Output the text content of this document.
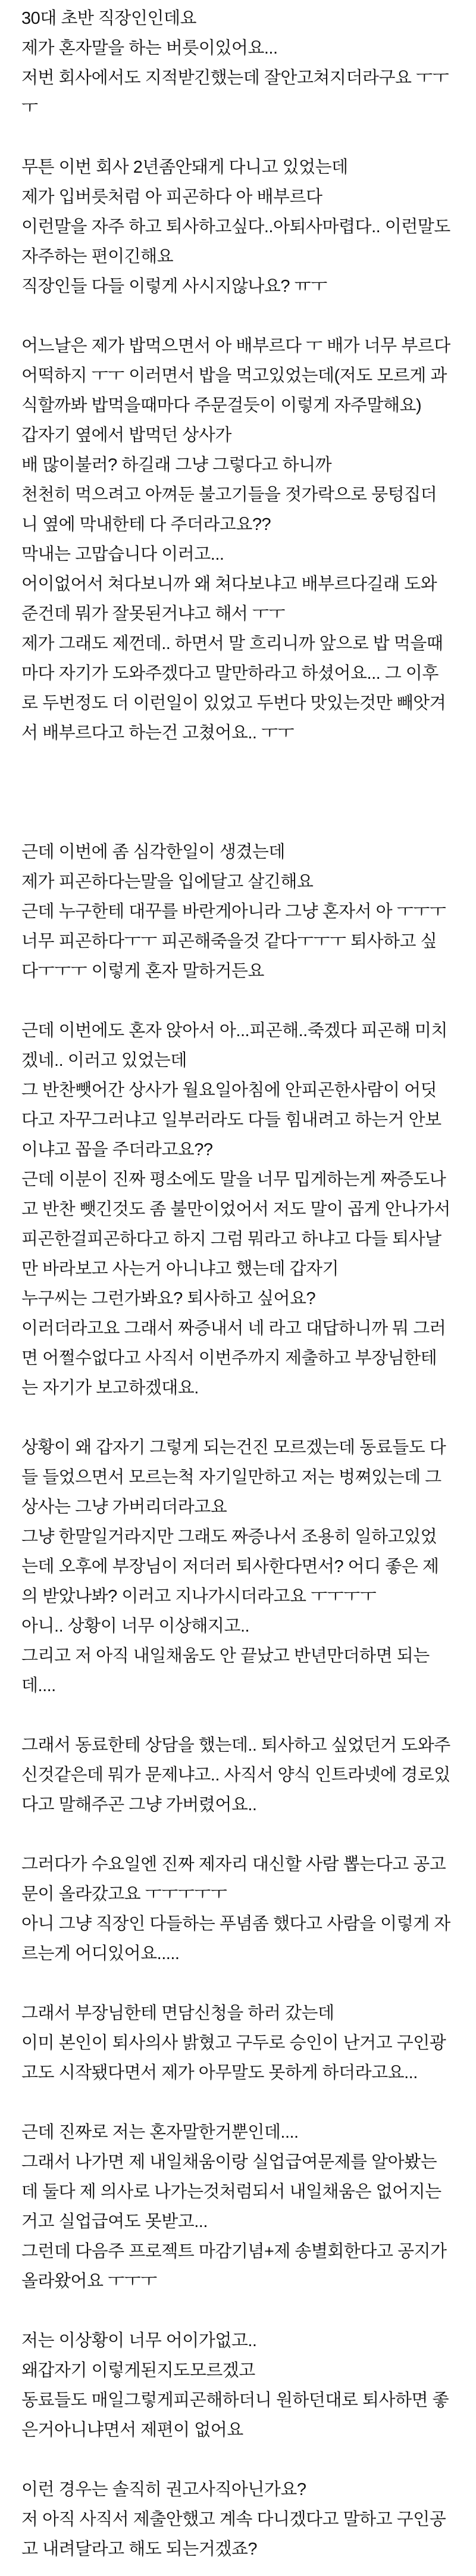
30대 초반 직장인인데요

제가 혼자말을 하는 버릇이있어요...

저번 회사에서도 지적받긴했는데 잘안고쳐지더라구요 ㅜㅜㅜ

무튼 이번 회사 2년좀안돼게 다니고 있었는데

제가 입버릇처럼 아 피곤하다 아 배부르다

이런말을 자주 하고 퇴사하고싶다..아퇴사마렵다.. 이런말도 자주하는 편이긴해요

직장인들 다들 이렇게 사시지않나요? ㅠㅜ

어느날은 제가 밥먹으면서 아 배부르다 ㅜ 배가 너무 부르다 어떡하지 ㅜㅜ 이러면서 밥을 먹고있었는데(저도 모르게 과식할까봐 밥먹을때마다 주문걸듯이 이렇게 자주말해요)

갑자기 옆에서 밥먹던 상사가

배 많이불러? 하길래 그냥 그렇다고 하니까

천천히 먹으려고 아껴둔 불고기들을 젓가락으로 뭉텅집더니 옆에 막내한테 다 주더라고요??

막내는 고맙습니다 이러고...

어이없어서 쳐다보니까 왜 쳐다보냐고 배부르다길래 도와준건데 뭐가 잘못된거냐고 해서 ㅜㅜ

제가 그래도 제껀데.. 하면서 말 흐리니까 앞으로 밥 먹을때마다 자기가 도와주겠다고 말만하라고 하셨어요... 그 이후로 두번정도 더 이런일이 있었고 두번다 맛있는것만 빼앗겨서 배부르다고 하는건 고쳤어요.. ㅜㅜ

근데 이번에 좀 심각한일이 생겼는데

제가 피곤하다는말을 입에달고 살긴해요

근데 누구한테 대꾸를 바란게아니라 그냥 혼자서 아 ㅜㅜㅜ 너무 피곤하다ㅜㅜ 피곤해죽을것 같다ㅜㅜㅜ 퇴사하고 싶다ㅜㅜㅜ 이렇게 혼자 말하거든요

근데 이번에도 혼자 앉아서 아...피곤해..죽겠다 피곤해 미치겠네.. 이러고 있었는데

그 반찬뺏어간 상사가 월요일아침에 안피곤한사람이 어딧다고 자꾸그러냐고 일부러라도 다들 힘내려고 하는거 안보이냐고 꼽을 주더라고요??

근데 이분이 진짜 평소에도 말을 너무 밉게하는게 짜증도나고 반찬 뺏긴것도 좀 불만이었어서 저도 말이 곱게 안나가서 피곤한걸피곤하다고 하지 그럼 뭐라고 하냐고 다들 퇴사날만 바라보고 사는거 아니냐고 했는데 갑자기

누구씨는 그런가봐요? 퇴사하고 싶어요?

이러더라고요 그래서 짜증내서 네 라고 대답하니까 뭐 그러면 어쩔수없다고 사직서 이번주까지 제출하고 부장님한테는 자기가 보고하겠대요.

상황이 왜 갑자기 그렇게 되는건진 모르겠는데 동료들도 다들 들었으면서 모르는척 자기일만하고 저는 벙쪄있는데 그 상사는 그냥 가버리더라고요

그냥 한말일거라지만 그래도 짜증나서 조용히 일하고있었는데 오후에 부장님이 저더러 퇴사한다면서? 어디 좋은 제의 받았나봐? 이러고 지나가시더라고요 ㅜㅜㅜㅜ

아니.. 상황이 너무 이상해지고..

그리고 저 아직 내일채움도 안 끝났고 반년만더하면 되는데....

그래서 동료한테 상담을 했는데.. 퇴사하고 싶었던거 도와주신것같은데 뭐가 문제냐고.. 사직서 양식 인트라넷에 경로있다고 말해주곤 그냥 가버렸어요..

그러다가 수요일엔 진짜 제자리 대신할 사람 뽑는다고 공고문이 올라갔고요 ㅜㅜㅜㅜㅜ

아니 그냥 직장인 다들하는 푸념좀 했다고 사람을 이렇게 자르는게 어디있어요.....

그래서 부장님한테 면담신청을 하러 갔는데

이미 본인이 퇴사의사 밝혔고 구두로 승인이 난거고 구인광고도 시작됐다면서 제가 아무말도 못하게 하더라고요...

근데 진짜로 저는 혼자말한거뿐인데....

그래서 나가면 제 내일채움이랑 실업급여문제를 알아봤는데 둘다 제 의사로 나가는것처럼되서 내일채움은 없어지는거고 실업급여도 못받고...

그런데 다음주 프로젝트 마감기념+제 송별회한다고 공지가 올라왔어요 ㅜㅜㅜ

저는 이상황이 너무 어이가없고..

왜갑자기 이렇게된지도모르겠고

동료들도 매일그렇게피곤해하더니 원하던대로 퇴사하면 좋은거아니냐면서 제편이 없어요

이런 경우는 솔직히 권고사직아닌가요?

저 아직 사직서 제출안했고 계속 다니겠다고 말하고 구인공고 내려달라고 해도 되는거겠죠?
